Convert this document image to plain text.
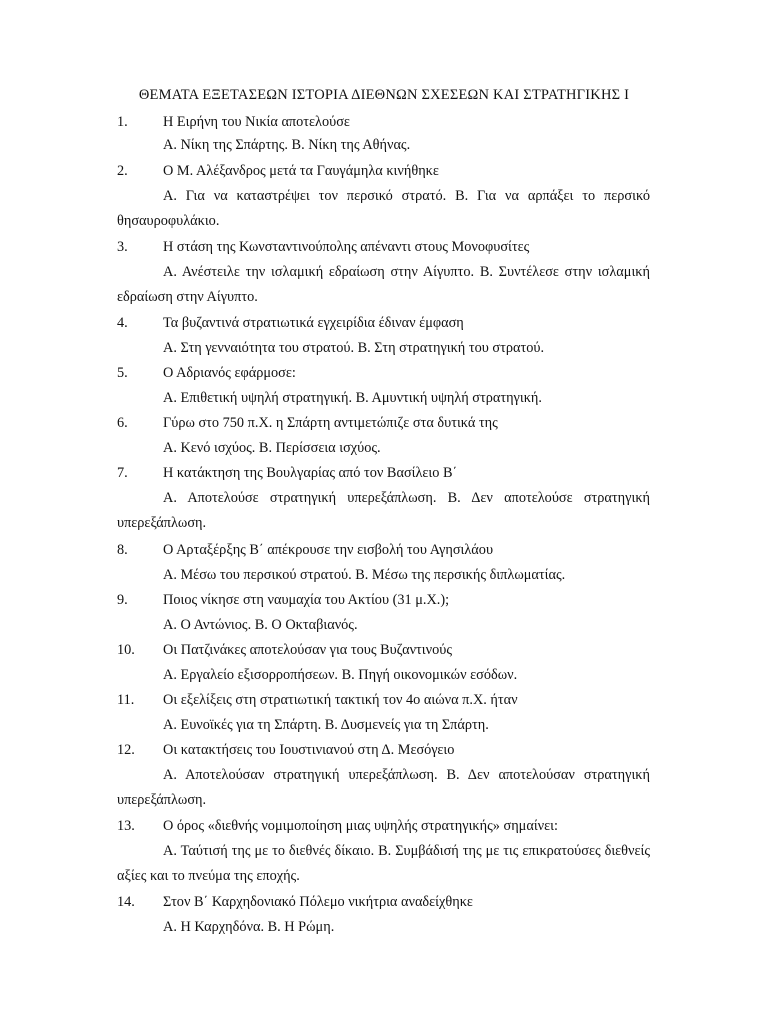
ΘΕΜΑΤΑ ΕΞΕΤΑΣΕΩΝ ΙΣΤΟΡΙΑ ΔΙΕΘΝΩΝ ΣΧΕΣΕΩΝ ΚΑΙ ΣΤΡΑΤΗΓΙΚΗΣ Ι
1. Η Ειρήνη του Νικία αποτελούσε
Α. Νίκη της Σπάρτης. Β. Νίκη της Αθήνας.
2. Ο Μ. Αλέξανδρος μετά τα Γαυγάμηλα κινήθηκε
Α. Για να καταστρέψει τον περσικό στρατό. Β. Για να αρπάξει το περσικό θησαυροφυλάκιο.
3. Η στάση της Κωνσταντινούπολης απέναντι στους Μονοφυσίτες
Α. Ανέστειλε την ισλαμική εδραίωση στην Αίγυπτο. Β. Συντέλεσε στην ισλαμική εδραίωση στην Αίγυπτο.
4. Τα βυζαντινά στρατιωτικά εγχειρίδια έδιναν έμφαση
Α. Στη γενναιότητα του στρατού. Β. Στη στρατηγική του στρατού.
5. Ο Αδριανός εφάρμοσε:
Α. Επιθετική υψηλή στρατηγική. Β. Αμυντική υψηλή στρατηγική.
6. Γύρω στο 750 π.Χ. η Σπάρτη αντιμετώπιζε στα δυτικά της
Α. Κενό ισχύος. Β. Περίσσεια ισχύος.
7. Η κατάκτηση της Βουλγαρίας από τον Βασίλειο Β΄
Α. Αποτελούσε στρατηγική υπερεξάπλωση. Β. Δεν αποτελούσε στρατηγική υπερεξάπλωση.
8. Ο Αρταξέρξης Β΄ απέκρουσε την εισβολή του Αγησιλάου
Α. Μέσω του περσικού στρατού. Β. Μέσω της περσικής διπλωματίας.
9. Ποιος νίκησε στη ναυμαχία του Ακτίου (31 μ.Χ.);
Α. Ο Αντώνιος. Β. Ο Οκταβιανός.
10. Οι Πατζινάκες αποτελούσαν για τους Βυζαντινούς
Α. Εργαλείο εξισορροπήσεων. Β. Πηγή οικονομικών εσόδων.
11. Οι εξελίξεις στη στρατιωτική τακτική τον 4ο αιώνα π.Χ. ήταν
Α. Ευνοϊκές για τη Σπάρτη. Β. Δυσμενείς για τη Σπάρτη.
12. Οι κατακτήσεις του Ιουστινιανού στη Δ. Μεσόγειο
Α. Αποτελούσαν στρατηγική υπερεξάπλωση. Β. Δεν αποτελούσαν στρατηγική υπερεξάπλωση.
13. Ο όρος «διεθνής νομιμοποίηση μιας υψηλής στρατηγικής» σημαίνει:
Α. Ταύτισή της με το διεθνές δίκαιο. Β. Συμβάδισή της με τις επικρατούσες διεθνείς αξίες και το πνεύμα της εποχής.
14. Στον Β΄ Καρχηδονιακό Πόλεμο νικήτρια αναδείχθηκε
Α. Η Καρχηδόνα. Β. Η Ρώμη.
